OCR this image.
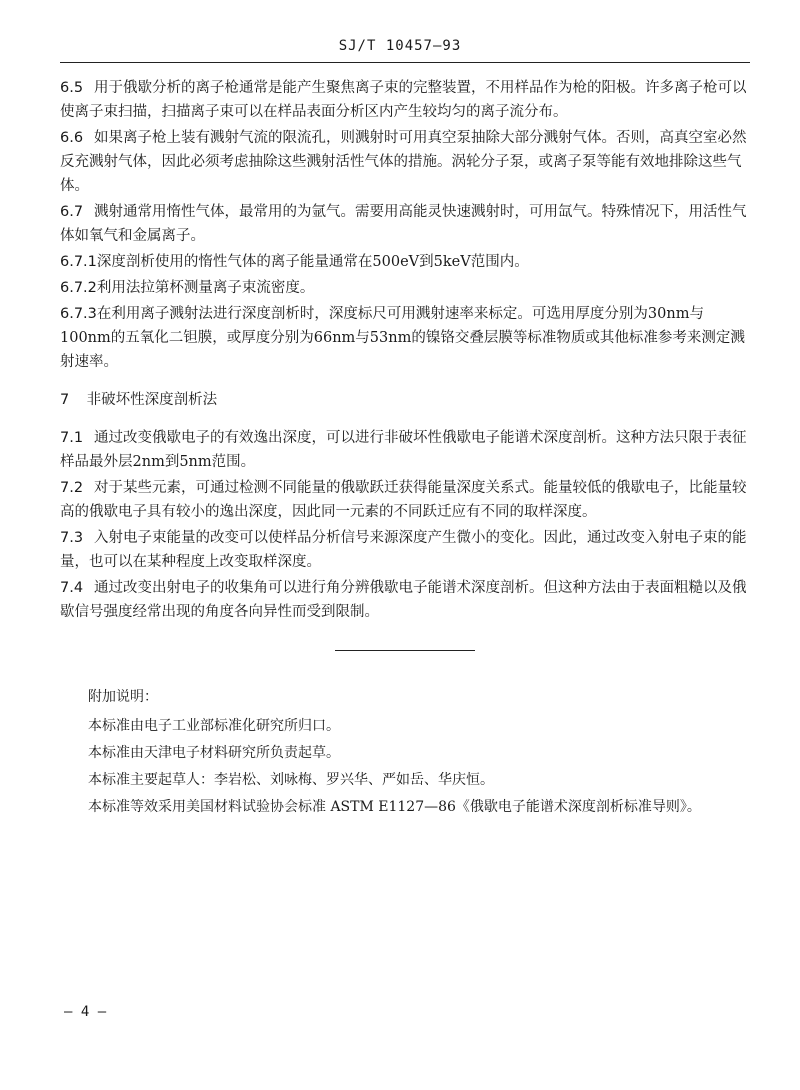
SJ/T 10457—93

6.5 用于俄歇分析的离子枪通常是能产生聚焦离子束的完整装置，不用样品作为枪的阳极。许多离子枪可以使离子束扫描，扫描离子束可以在样品表面分析区内产生较均匀的离子流分布。

6.6 如果离子枪上装有溅射气流的限流孔，则溅射时可用真空泵抽除大部分溅射气体。否则，高真空室必然反充溅射气体，因此必须考虑抽除这些溅射活性气体的措施。涡轮分子泵，或离子泵等能有效地排除这些气体。

6.7 溅射通常用惰性气体，最常用的为氩气。需要用高能灵快速溅射时，可用氙气。特殊情况下，用活性气体如氧气和金属离子。

6.7.1深度剖析使用的惰性气体的离子能量通常在500eV到5keV范围内。

6.7.2利用法拉第杯测量离子束流密度。

6.7.3在利用离子溅射法进行深度剖析时，深度标尺可用溅射速率来标定。可选用厚度分别为30nm与100nm的五氧化二钽膜，或厚度分别为66nm与53nm的镍铬交叠层膜等标准物质或其他标准参考来测定溅射速率。

7 非破坏性深度剖析法

7.1 通过改变俄歇电子的有效逸出深度，可以进行非破坏性俄歇电子能谱术深度剖析。这种方法只限于表征样品最外层2nm到5nm范围。

7.2 对于某些元素，可通过检测不同能量的俄歇跃迁获得能量深度关系式。能量较低的俄歇电子，比能量较高的俄歇电子具有较小的逸出深度，因此同一元素的不同跃迁应有不同的取样深度。

7.3 入射电子束能量的改变可以使样品分析信号来源深度产生微小的变化。因此，通过改变入射电子束的能量，也可以在某种程度上改变取样深度。

7.4 通过改变出射电子的收集角可以进行角分辨俄歇电子能谱术深度剖析。但这种方法由于表面粗糙以及俄歇信号强度经常出现的角度各向异性而受到限制。

附加说明：

本标准由电子工业部标准化研究所归口。

本标准由天津电子材料研究所负责起草。

本标准主要起草人：李岩松、刘咏梅、罗兴华、严如岳、华庆恒。

本标准等效采用美国材料试验协会标准 ASTM E1127—86《俄歇电子能谱术深度剖析标准导则》。

— 4 —
